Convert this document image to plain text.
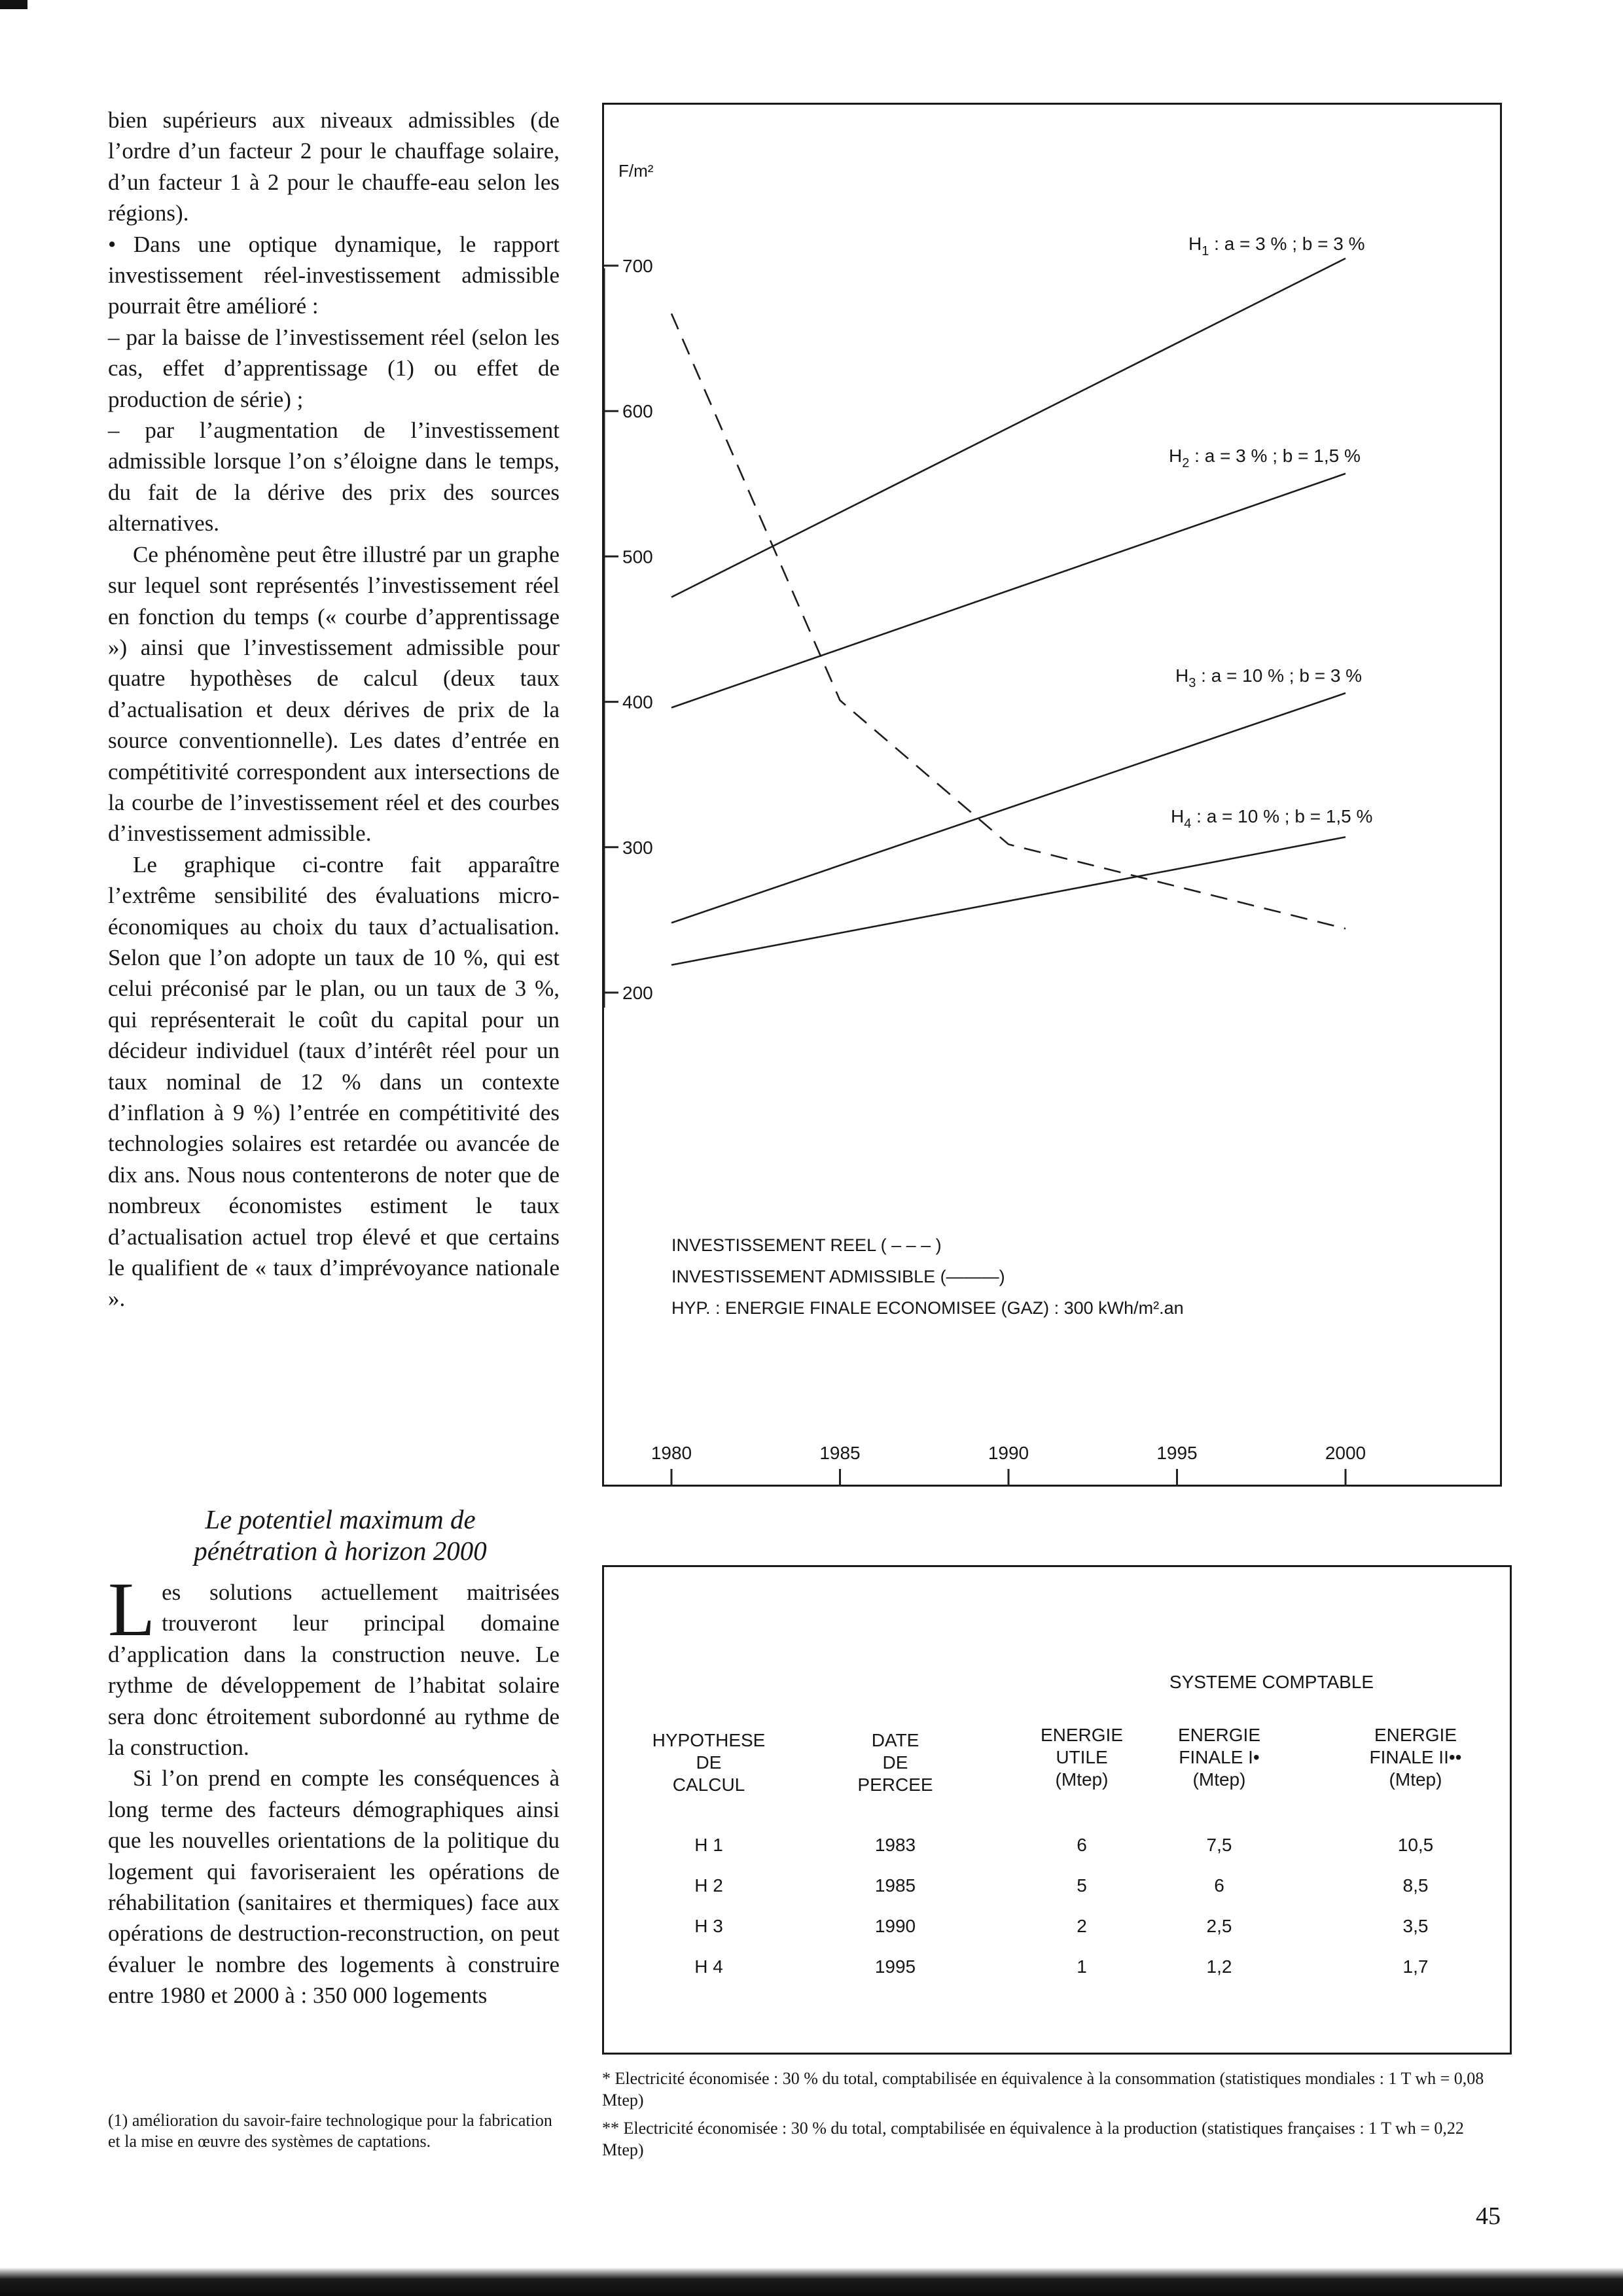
bien supérieurs aux niveaux admissibles (de l’ordre d’un facteur 2 pour le chauffage solaire, d’un facteur 1 à 2 pour le chauffe-eau selon les régions).

• Dans une optique dynamique, le rapport investissement réel-investissement admissible pourrait être amélioré :

– par la baisse de l’investissement réel (selon les cas, effet d’apprentissage (1) ou effet de production de série) ;

– par l’augmentation de l’investissement admissible lorsque l’on s’éloigne dans le temps, du fait de la dérive des prix des sources alternatives.

Ce phénomène peut être illustré par un graphe sur lequel sont représentés l’investissement réel en fonction du temps (« courbe d’apprentissage ») ainsi que l’investissement admissible pour quatre hypothèses de calcul (deux taux d’actualisation et deux dérives de prix de la source conventionnelle). Les dates d’entrée en compétitivité correspondent aux intersections de la courbe de l’investissement réel et des courbes d’investissement admissible.

Le graphique ci-contre fait apparaître l’extrême sensibilité des évaluations micro-économiques au choix du taux d’actualisation. Selon que l’on adopte un taux de 10 %, qui est celui préconisé par le plan, ou un taux de 3 %, qui représenterait le coût du capital pour un décideur individuel (taux d’intérêt réel pour un taux nominal de 12 % dans un contexte d’inflation à 9 %) l’entrée en compétitivité des technologies solaires est retardée ou avancée de dix ans. Nous nous contenterons de noter que de nombreux économistes estiment le taux d’actualisation actuel trop élevé et que certains le qualifient de « taux d’imprévoyance nationale ».

Le potentiel maximum de
pénétration à horizon 2000

Les solutions actuellement maitrisées trouveront leur principal domaine d’application dans la construction neuve. Le rythme de développement de l’habitat solaire sera donc étroitement subordonné au rythme de la construction.

Si l’on prend en compte les conséquences à long terme des facteurs démographiques ainsi que les nouvelles orientations de la politique du logement qui favoriseraient les opérations de réhabilitation (sanitaires et thermiques) face aux opérations de destruction-reconstruction, on peut évaluer le nombre des logements à construire entre 1980 et 2000 à : 350 000 logements

(1) amélioration du savoir-faire technologique pour la fabrication et la mise en œuvre des systèmes de captations.
F/m²
700
600
500
400
300
200
$H_1$ : a = 3 % ; b = 3 %
$H_2$ : a = 3 % ; b = 1,5 %
$H_3$ : a = 10 % ; b = 3 %
$H_4$ : a = 10 % ; b = 1,5 %
INVESTISSEMENT REEL ( – – – )
INVESTISSEMENT ADMISSIBLE (———)
HYP. : ENERGIE FINALE ECONOMISEE (GAZ) : 300 kWh/m².an
1980	1985	1990	1995	2000
SYSTEME COMPTABLE
HYPOTHESE
DE
CALCUL
DATE
DE
PERCEE
ENERGIE
UTILE
(Mtep)
ENERGIE
FINALE I•
(Mtep)
ENERGIE
FINALE II••
(Mtep)
H 1	1983	6	7,5	10,5
H 2	1985	5	6	8,5
H 3	1990	2	2,5	3,5
H 4	1995	1	1,2	1,7

* Electricité économisée : 30 % du total, comptabilisée en équivalence à la consommation (statistiques mondiales : 1 T wh = 0,08 Mtep)

** Electricité économisée : 30 % du total, comptabilisée en équivalence à la production (statistiques françaises : 1 T wh = 0,22 Mtep)

45
